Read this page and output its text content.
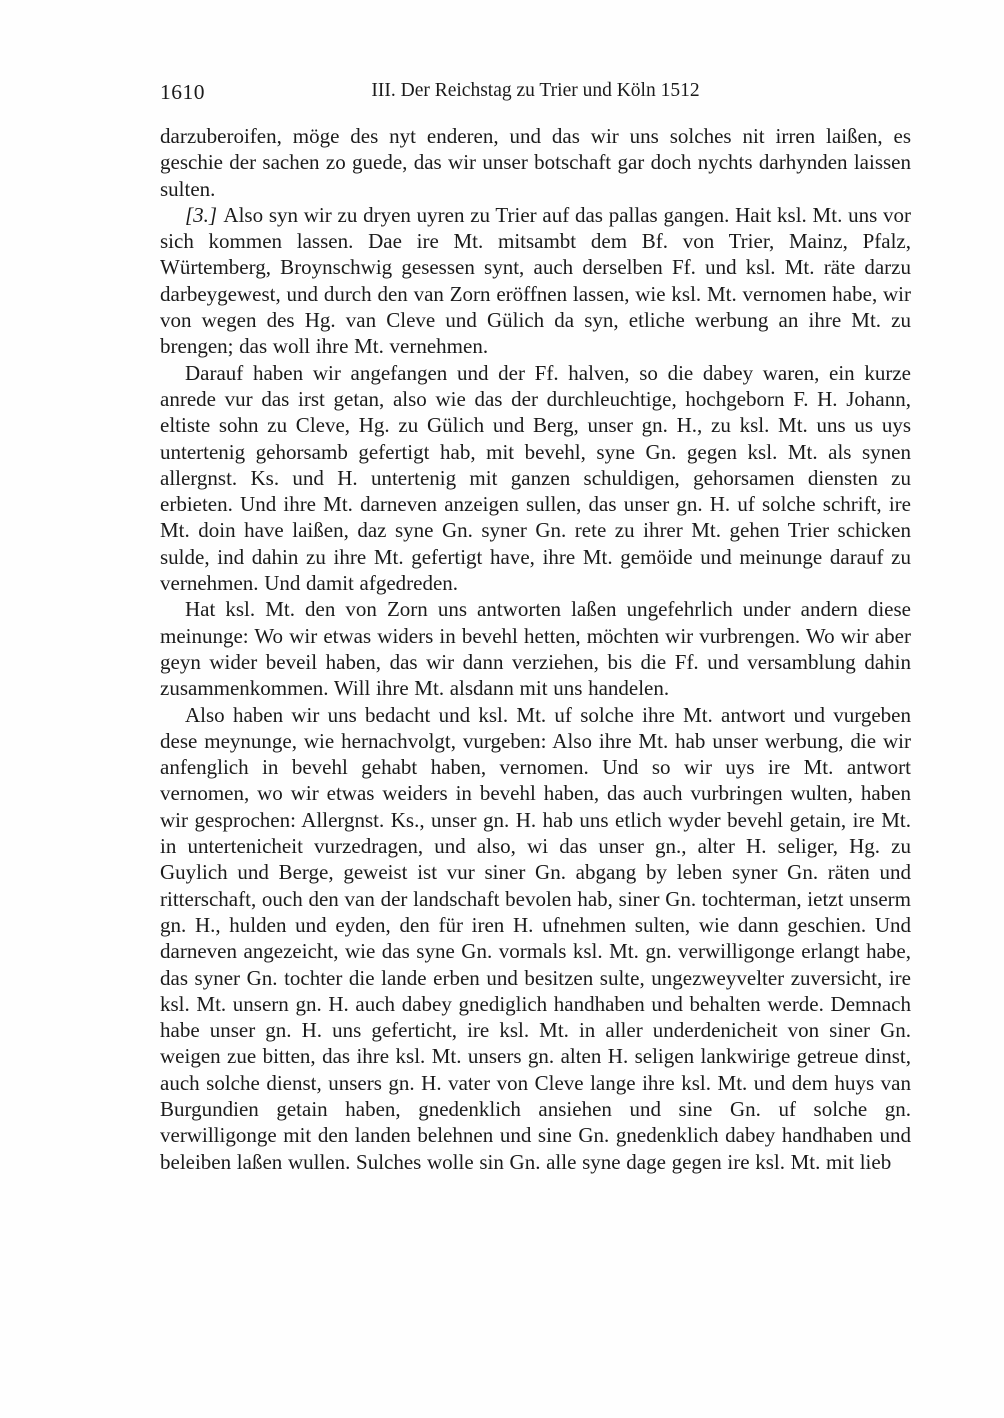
1610	III. Der Reichstag zu Trier und Köln 1512

darzuberoifen, möge des nyt enderen, und das wir uns solches nit irren laißen, es geschie der sachen zo guede, das wir unser botschaft gar doch nychts darhynden laissen sulten.

[3.] Also syn wir zu dryen uyren zu Trier auf das pallas gangen. Hait ksl. Mt. uns vor sich kommen lassen. Dae ire Mt. mitsambt dem Bf. von Trier, Mainz, Pfalz, Würtemberg, Broynschwig gesessen synt, auch derselben Ff. und ksl. Mt. räte darzu darbeygewest, und durch den van Zorn eröffnen lassen, wie ksl. Mt. vernomen habe, wir von wegen des Hg. van Cleve und Gülich da syn, etliche werbung an ihre Mt. zu brengen; das woll ihre Mt. vernehmen.

Darauf haben wir angefangen und der Ff. halven, so die dabey waren, ein kurze anrede vur das irst getan, also wie das der durchleuchtige, hochgeborn F. H. Johann, eltiste sohn zu Cleve, Hg. zu Gülich und Berg, unser gn. H., zu ksl. Mt. uns us uys untertenig gehorsamb gefertigt hab, mit bevehl, syne Gn. gegen ksl. Mt. als synen allergnst. Ks. und H. untertenig mit ganzen schuldigen, gehorsamen diensten zu erbieten. Und ihre Mt. darneven anzeigen sullen, das unser gn. H. uf solche schrift, ire Mt. doin have laißen, daz syne Gn. syner Gn. rete zu ihrer Mt. gehen Trier schicken sulde, ind dahin zu ihre Mt. gefertigt have, ihre Mt. gemöide und meinunge darauf zu vernehmen. Und damit afgedreden.

Hat ksl. Mt. den von Zorn uns antworten laßen ungefehrlich under andern diese meinunge: Wo wir etwas widers in bevehl hetten, möchten wir vurbrengen. Wo wir aber geyn wider beveil haben, das wir dann verziehen, bis die Ff. und versamblung dahin zusammenkommen. Will ihre Mt. alsdann mit uns handelen.

Also haben wir uns bedacht und ksl. Mt. uf solche ihre Mt. antwort und vurgeben dese meynunge, wie hernachvolgt, vurgeben: Also ihre Mt. hab unser werbung, die wir anfenglich in bevehl gehabt haben, vernomen. Und so wir uys ire Mt. antwort vernomen, wo wir etwas weiders in bevehl haben, das auch vurbringen wulten, haben wir gesprochen: Allergnst. Ks., unser gn. H. hab uns etlich wyder bevehl getain, ire Mt. in untertenicheit vurzedragen, und also, wi das unser gn., alter H. seliger, Hg. zu Guylich und Berge, geweist ist vur siner Gn. abgang by leben syner Gn. räten und ritterschaft, ouch den van der landschaft bevolen hab, siner Gn. tochterman, ietzt unserm gn. H., hulden und eyden, den für iren H. ufnehmen sulten, wie dann geschien. Und darneven angezeicht, wie das syne Gn. vormals ksl. Mt. gn. verwilligonge erlangt habe, das syner Gn. tochter die lande erben und besitzen sulte, ungezweyvelter zuversicht, ire ksl. Mt. unsern gn. H. auch dabey gnediglich handhaben und behalten werde. Demnach habe unser gn. H. uns geferticht, ire ksl. Mt. in aller underdenicheit von siner Gn. weigen zue bitten, das ihre ksl. Mt. unsers gn. alten H. seligen lankwirige getreue dinst, auch solche dienst, unsers gn. H. vater von Cleve lange ihre ksl. Mt. und dem huys van Burgundien getain haben, gnedenklich ansiehen und sine Gn. uf solche gn. verwilligonge mit den landen belehnen und sine Gn. gnedenklich dabey handhaben und beleiben laßen wullen. Sulches wolle sin Gn. alle syne dage gegen ire ksl. Mt. mit lieb
